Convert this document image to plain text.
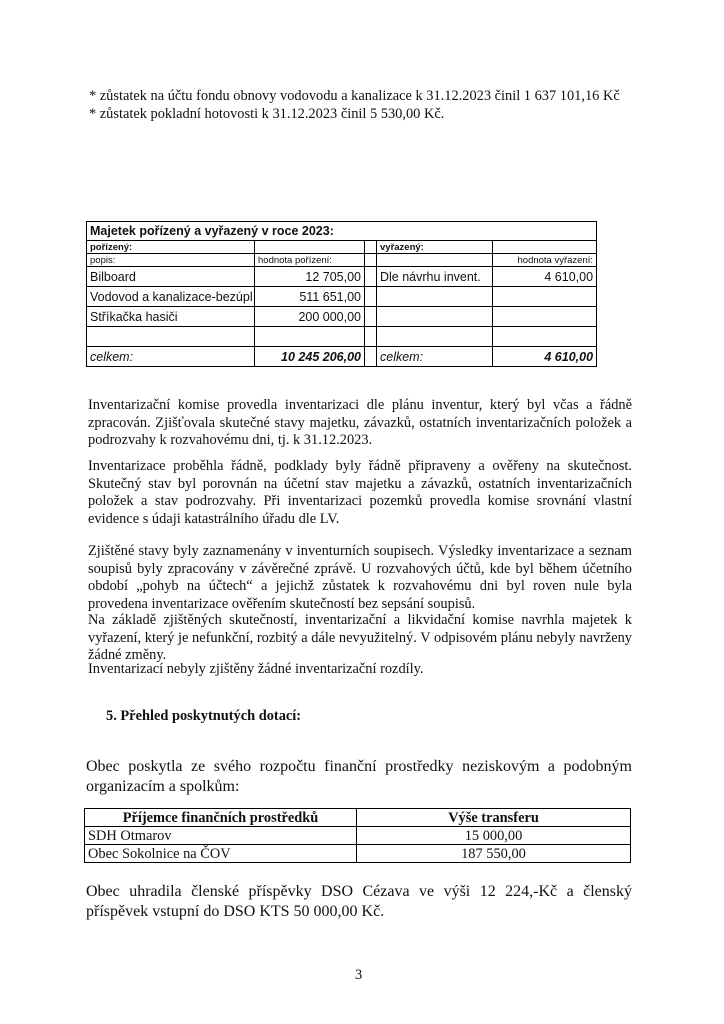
* zůstatek na účtu fondu obnovy vodovodu a kanalizace k 31.12.2023 činil 1 637 101,16 Kč
* zůstatek pokladní hotovosti k 31.12.2023 činil 5 530,00 Kč.
Majetek pořízený a vyřazený v roce 2023:				
pořízený:			vyřazený:	
popis:	hodnota pořízení:			hodnota vyřazení:
Bilboard	12 705,00		Dle návrhu invent.	4 610,00
Vodovod a kanalizace-bezúpl	511 651,00			
Stříkačka hasiči	200 000,00			

celkem:	10 245 206,00		celkem:	4 610,00
Inventarizační komise provedla inventarizaci dle plánu inventur, který byl včas a řádně zpracován. Zjišťovala skutečné stavy majetku, závazků, ostatních inventarizačních položek a podrozvahy k rozvahovému dni, tj. k 31.12.2023.
Inventarizace proběhla řádně, podklady byly řádně připraveny a ověřeny na skutečnost. Skutečný stav byl porovnán na účetní stav majetku a závazků, ostatních inventarizačních položek a stav podrozvahy. Při inventarizaci pozemků provedla komise srovnání vlastní evidence s údaji katastrálního úřadu dle LV.
Zjištěné stavy byly zaznamenány v inventurních soupisech. Výsledky inventarizace a seznam soupisů byly zpracovány v závěrečné zprávě. U rozvahových účtů, kde byl během účetního období „pohyb na účtech“ a jejichž zůstatek k rozvahovému dni byl roven nule byla provedena inventarizace ověřením skutečností bez sepsání soupisů.
Na základě zjištěných skutečností, inventarizační a likvidační komise navrhla majetek k vyřazení, který je nefunkční, rozbitý a dále nevyužitelný. V odpisovém plánu nebyly navrženy žádné změny.
Inventarizací nebyly zjištěny žádné inventarizační rozdíly.
5. Přehled poskytnutých dotací:
Obec poskytla ze svého rozpočtu finanční prostředky neziskovým a podobným organizacím a spolkům:
Příjemce finančních prostředků	Výše transferu
SDH Otmarov	15 000,00
Obec Sokolnice na ČOV	187 550,00
Obec uhradila členské příspěvky DSO Cézava ve výši 12 224,-Kč a členský příspěvek vstupní do DSO KTS 50 000,00 Kč.
3
